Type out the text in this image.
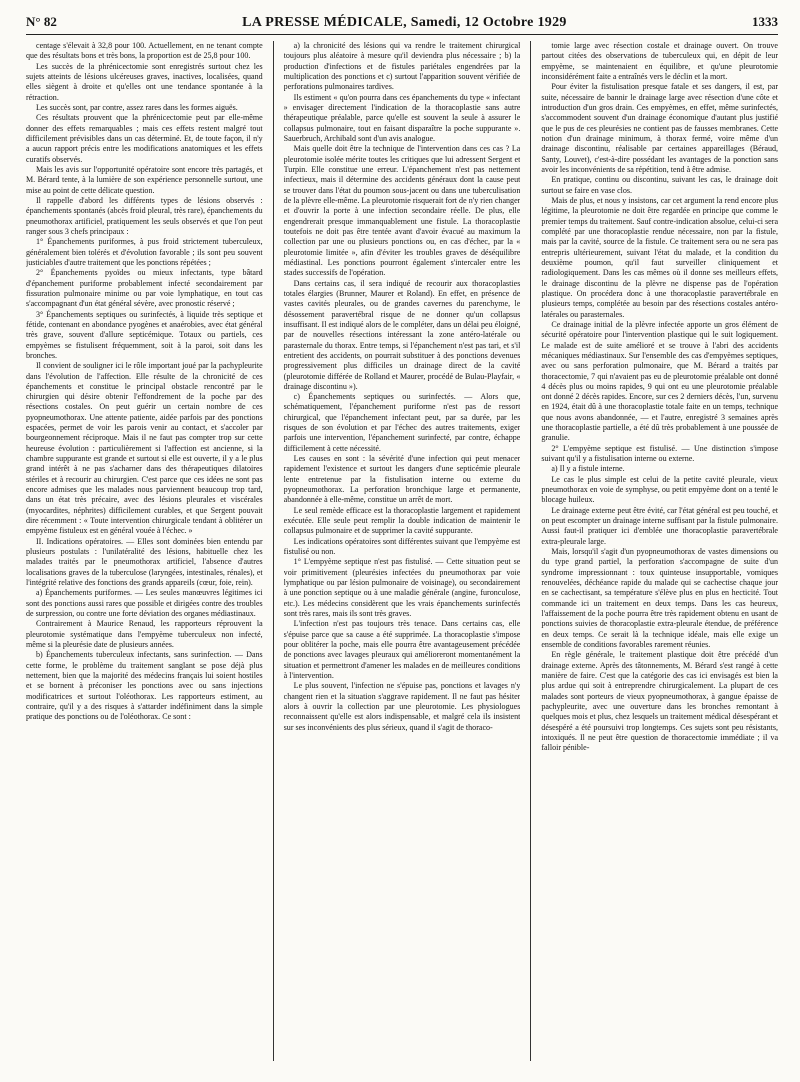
N° 82	LA PRESSE MÉDICALE, Samedi, 12 Octobre 1929	1333

centage s'élevait à 32,8 pour 100. Actuellement, en ne tenant compte que des résultats bons et très bons, la proportion est de 25,8 pour 100.

Les succès de la phrénicectomie sont enregistrés surtout chez les sujets atteints de lésions ulcéreuses graves, inactives, localisées, quand elles siègent à droite et qu'elles ont une tendance spontanée à la rétraction.

Les succès sont, par contre, assez rares dans les formes aiguës.

Ces résultats prouvent que la phrénicectomie peut par elle-même donner des effets remarquables ; mais ces effets restent malgré tout difficilement prévisibles dans un cas déterminé. Et, de toute façon, il n'y a aucun rapport précis entre les modifications anatomiques et les effets curatifs observés.

Mais les avis sur l'opportunité opératoire sont encore très partagés, et M. Bérard tente, à la lumière de son expérience personnelle surtout, une mise au point de cette délicate question.

Il rappelle d'abord les différents types de lésions observés : épanchements spontanés (abcès froid pleural, très rare), épanchements du pneumothorax artificiel, pratiquement les seuls observés et que l'on peut ranger sous 3 chefs principaux :

1° Épanchements puriformes, à pus froid strictement tuberculeux, généralement bien tolérés et d'évolution favorable ; ils sont peu souvent justiciables d'autre traitement que les ponctions répétées ;

2° Épanchements pyoïdes ou mieux infectants, type bâtard d'épanchement puriforme probablement infecté secondairement par fissuration pulmonaire minime ou par voie lymphatique, en tout cas s'accompagnant d'un état général sévère, avec pronostic réservé ;

3° Épanchements septiques ou surinfectés, à liquide très septique et fétide, contenant en abondance pyogènes et anaérobies, avec état général très grave, souvent d'allure septicémique. Totaux ou partiels, ces empyèmes se fistulisent fréquemment, soit à la paroi, soit dans les bronches.

Il convient de souligner ici le rôle important joué par la pachypleurite dans l'évolution de l'affection. Elle résulte de la chronicité de ces épanchements et constitue le principal obstacle rencontré par le chirurgien qui désire obtenir l'effondrement de la poche par des résections costales. On peut guérir un certain nombre de ces pyopneumothorax. Une attente patiente, aidée parfois par des ponctions espacées, permet de voir les parois venir au contact, et s'accoler par bourgeonnement réciproque. Mais il ne faut pas compter trop sur cette heureuse évolution : particulièrement si l'affection est ancienne, si la chambre suppurante est grande et surtout si elle est ouverte, il y a le plus grand intérêt à ne pas s'acharner dans des thérapeutiques dilatoires stériles et à recourir au chirurgien. C'est parce que ces idées ne sont pas encore admises que les malades nous parviennent beaucoup trop tard, dans un état très précaire, avec des lésions pleurales et viscérales (myocardites, néphrites) difficilement curables, et que Sergent pouvait dire récemment : « Toute intervention chirurgicale tendant à oblitérer un empyème fistuleux est en général vouée à l'échec. »

II. Indications opératoires. — Elles sont dominées bien entendu par plusieurs postulats : l'unilatéralité des lésions, habituelle chez les malades traités par le pneumothorax artificiel, l'absence d'autres localisations graves de la tuberculose (laryngées, intestinales, rénales), et l'intégrité relative des fonctions des grands appareils (cœur, foie, rein).

a) Épanchements puriformes. — Les seules manœuvres légitimes ici sont des ponctions aussi rares que possible et dirigées contre des troubles de surpression, ou contre une forte déviation des organes médiastinaux.

Contrairement à Maurice Renaud, les rapporteurs réprouvent la pleurotomie systématique dans l'empyème tuberculeux non infecté, même si la pleurésie date de plusieurs années.

b) Épanchements tuberculeux infectants, sans surinfection. — Dans cette forme, le problème du traitement sanglant se pose déjà plus nettement, bien que la majorité des médecins français lui soient hostiles et se bornent à préconiser les ponctions avec ou sans injections modificatrices et surtout l'oléothorax. Les rapporteurs estiment, au contraire, qu'il y a des risques à s'attarder indéfiniment dans la simple pratique des ponctions ou de l'oléothorax. Ce sont :

a) la chronicité des lésions qui va rendre le traitement chirurgical toujours plus aléatoire à mesure qu'il deviendra plus nécessaire ; b) la production d'infections et de fistules pariétales engendrées par la multiplication des ponctions et c) surtout l'apparition souvent vérifiée de perforations pulmonaires tardives.

Ils estiment « qu'on pourra dans ces épanchements du type « infectant » envisager directement l'indication de la thoracoplastie sans autre thérapeutique préalable, parce qu'elle est souvent la seule à assurer le collapsus pulmonaire, tout en faisant disparaître la poche suppurante ». Sauerbruch, Archibald sont d'un avis analogue.

Mais quelle doit être la technique de l'intervention dans ces cas ? La pleurotomie isolée mérite toutes les critiques que lui adressent Sergent et Turpin. Elle constitue une erreur. L'épanchement n'est pas nettement infectieux, mais il détermine des accidents généraux dont la cause peut se trouver dans l'état du poumon sous-jacent ou dans une tuberculisation de la plèvre elle-même. La pleurotomie risquerait fort de n'y rien changer et d'ouvrir la porte à une infection secondaire réelle. De plus, elle engendrerait presque immanquablement une fistule. La thoracoplastie toutefois ne doit pas être tentée avant d'avoir évacué au maximum la collection par une ou plusieurs ponctions ou, en cas d'échec, par la « pleurotomie limitée », afin d'éviter les troubles graves de déséquilibre médiastinal. Les ponctions pourront également s'intercaler entre les stades successifs de l'opération.

Dans certains cas, il sera indiqué de recourir aux thoracoplasties totales élargies (Brunner, Maurer et Roland). En effet, en présence de vastes cavités pleurales, ou de grandes cavernes du parenchyme, le désossement paravertébral risque de ne donner qu'un collapsus insuffisant. Il est indiqué alors de le compléter, dans un délai peu éloigné, par de nouvelles résections intéressant la zone antéro-latérale ou parasternale du thorax. Entre temps, si l'épanchement n'est pas tari, et s'il entretient des accidents, on pourrait substituer à des ponctions devenues progressivement plus difficiles un drainage direct de la cavité (pleurotomie différée de Rolland et Maurer, procédé de Bulau-Playfair, « drainage discontinu »).

c) Épanchements septiques ou surinfectés. — Alors que, schématiquement, l'épanchement puriforme n'est pas de ressort chirurgical, que l'épanchement infectant peut, par sa durée, par les risques de son évolution et par l'échec des autres traitements, exiger parfois une intervention, l'épanchement surinfecté, par contre, échappe difficilement à cette nécessité.

Les causes en sont : la sévérité d'une infection qui peut menacer rapidement l'existence et surtout les dangers d'une septicémie pleurale lente entretenue par la fistulisation interne ou externe du pyopneumothorax. La perforation bronchique large et permanente, abandonnée à elle-même, constitue un arrêt de mort.

Le seul remède efficace est la thoracoplastie largement et rapidement exécutée. Elle seule peut remplir la double indication de maintenir le collapsus pulmonaire et de supprimer la cavité suppurante.

Les indications opératoires sont différentes suivant que l'empyème est fistulisé ou non.

1° L'empyème septique n'est pas fistulisé. — Cette situation peut se voir primitivement (pleurésies infectées du pneumothorax par voie lymphatique ou par lésion pulmonaire de voisinage), ou secondairement à une ponction septique ou à une maladie générale (angine, furonculose, etc.). Les médecins considèrent que les vrais épanchements surinfectés sont très rares, mais ils sont très graves.

L'infection n'est pas toujours très tenace. Dans certains cas, elle s'épuise parce que sa cause a été supprimée. La thoracoplastie s'impose pour oblitérer la poche, mais elle pourra être avantageusement précédée de ponctions avec lavages pleuraux qui amélioreront momentanément la situation et permettront d'amener les malades en de meilleures conditions à l'intervention.

Le plus souvent, l'infection ne s'épuise pas, ponctions et lavages n'y changent rien et la situation s'aggrave rapidement. Il ne faut pas hésiter alors à ouvrir la collection par une pleurotomie. Les physiologues reconnaissent qu'elle est alors indispensable, et malgré cela ils insistent sur ses inconvénients des plus sérieux, quand il s'agit de thoraco-

tomie large avec résection costale et drainage ouvert. On trouve partout citées des observations de tuberculeux qui, en dépit de leur empyème, se maintenaient en équilibre, et qu'une pleurotomie inconsidérément faite a entraînés vers le déclin et la mort.

Pour éviter la fistulisation presque fatale et ses dangers, il est, par suite, nécessaire de bannir le drainage large avec résection d'une côte et introduction d'un gros drain. Ces empyèmes, en effet, même surinfectés, s'accommodent souvent d'un drainage économique d'autant plus justifié que le pus de ces pleurésies ne contient pas de fausses membranes. Cette notion d'un drainage minimum, à thorax fermé, voire même d'un drainage discontinu, réalisable par certaines appareillages (Béraud, Santy, Louvet), c'est-à-dire possédant les avantages de la ponction sans avoir les inconvénients de sa répétition, tend à être admise.

En pratique, continu ou discontinu, suivant les cas, le drainage doit surtout se faire en vase clos.

Mais de plus, et nous y insistons, car cet argument la rend encore plus légitime, la pleurotomie ne doit être regardée en principe que comme le premier temps du traitement. Sauf contre-indication absolue, celui-ci sera complété par une thoracoplastie rendue nécessaire, non par la fistule, mais par la cavité, source de la fistule. Ce traitement sera ou ne sera pas entrepris ultérieurement, suivant l'état du malade, et la condition du deuxième poumon, qu'il faut surveiller cliniquement et radiologiquement. Dans les cas mêmes où il donne ses meilleurs effets, le drainage discontinu de la plèvre ne dispense pas de l'opération plastique. On procédera donc à une thoracoplastie paravertébrale en plusieurs temps, complétée au besoin par des résections costales antéro-latérales ou parasternales.

Ce drainage initial de la plèvre infectée apporte un gros élément de sécurité opératoire pour l'intervention plastique qui le suit logiquement. Le malade est de suite amélioré et se trouve à l'abri des accidents mécaniques médiastinaux. Sur l'ensemble des cas d'empyèmes septiques, avec ou sans perforation pulmonaire, que M. Bérard a traités par thoracectomie, 7 qui n'avaient pas eu de pleurotomie préalable ont donné 4 décès plus ou moins rapides, 9 qui ont eu une pleurotomie préalable ont donné 2 décès rapides. Encore, sur ces 2 derniers décès, l'un, survenu en 1924, était dû à une thoracoplastie totale faite en un temps, technique que nous avons abandonnée, — et l'autre, enregistré 3 semaines après une thoracoplastie partielle, a été dû très probablement à une poussée de granulie.

2° L'empyème septique est fistulisé. — Une distinction s'impose suivant qu'il y a fistulisation interne ou externe.

a) Il y a fistule interne.

Le cas le plus simple est celui de la petite cavité pleurale, vieux pneumothorax en voie de symphyse, ou petit empyème dont on a tenté le blocage huileux.

Le drainage externe peut être évité, car l'état général est peu touché, et on peut escompter un drainage interne suffisant par la fistule pulmonaire. Aussi faut-il pratiquer ici d'emblée une thoracoplastie paravertébrale extra-pleurale large.

Mais, lorsqu'il s'agit d'un pyopneumothorax de vastes dimensions ou du type grand partiel, la perforation s'accompagne de suite d'un syndrome impressionnant : toux quinteuse insupportable, vomiques renouvelées, déchéance rapide du malade qui se cachectise chaque jour en se cachectisant, sa température s'élève plus en plus en hecticité. Tout commande ici un traitement en deux temps. Dans les cas heureux, l'affaissement de la poche pourra être très rapidement obtenu en usant de ponctions suivies de thoracoplastie extra-pleurale étendue, de préférence en deux temps. Ce serait là la technique idéale, mais elle exige un ensemble de conditions favorables rarement réunies.

En règle générale, le traitement plastique doit être précédé d'un drainage externe. Après des tâtonnements, M. Bérard s'est rangé à cette manière de faire. C'est que la catégorie des cas ici envisagés est bien la plus ardue qui soit à entreprendre chirurgicalement. La plupart de ces malades sont porteurs de vieux pyopneumothorax, à gangue épaisse de pachypleurite, avec une ouverture dans les bronches remontant à quelques mois et plus, chez lesquels un traitement médical désespérant et désespéré a été poursuivi trop longtemps. Ces sujets sont peu résistants, intoxiqués. Il ne peut être question de thoracectomie immédiate ; il va falloir pénible-
